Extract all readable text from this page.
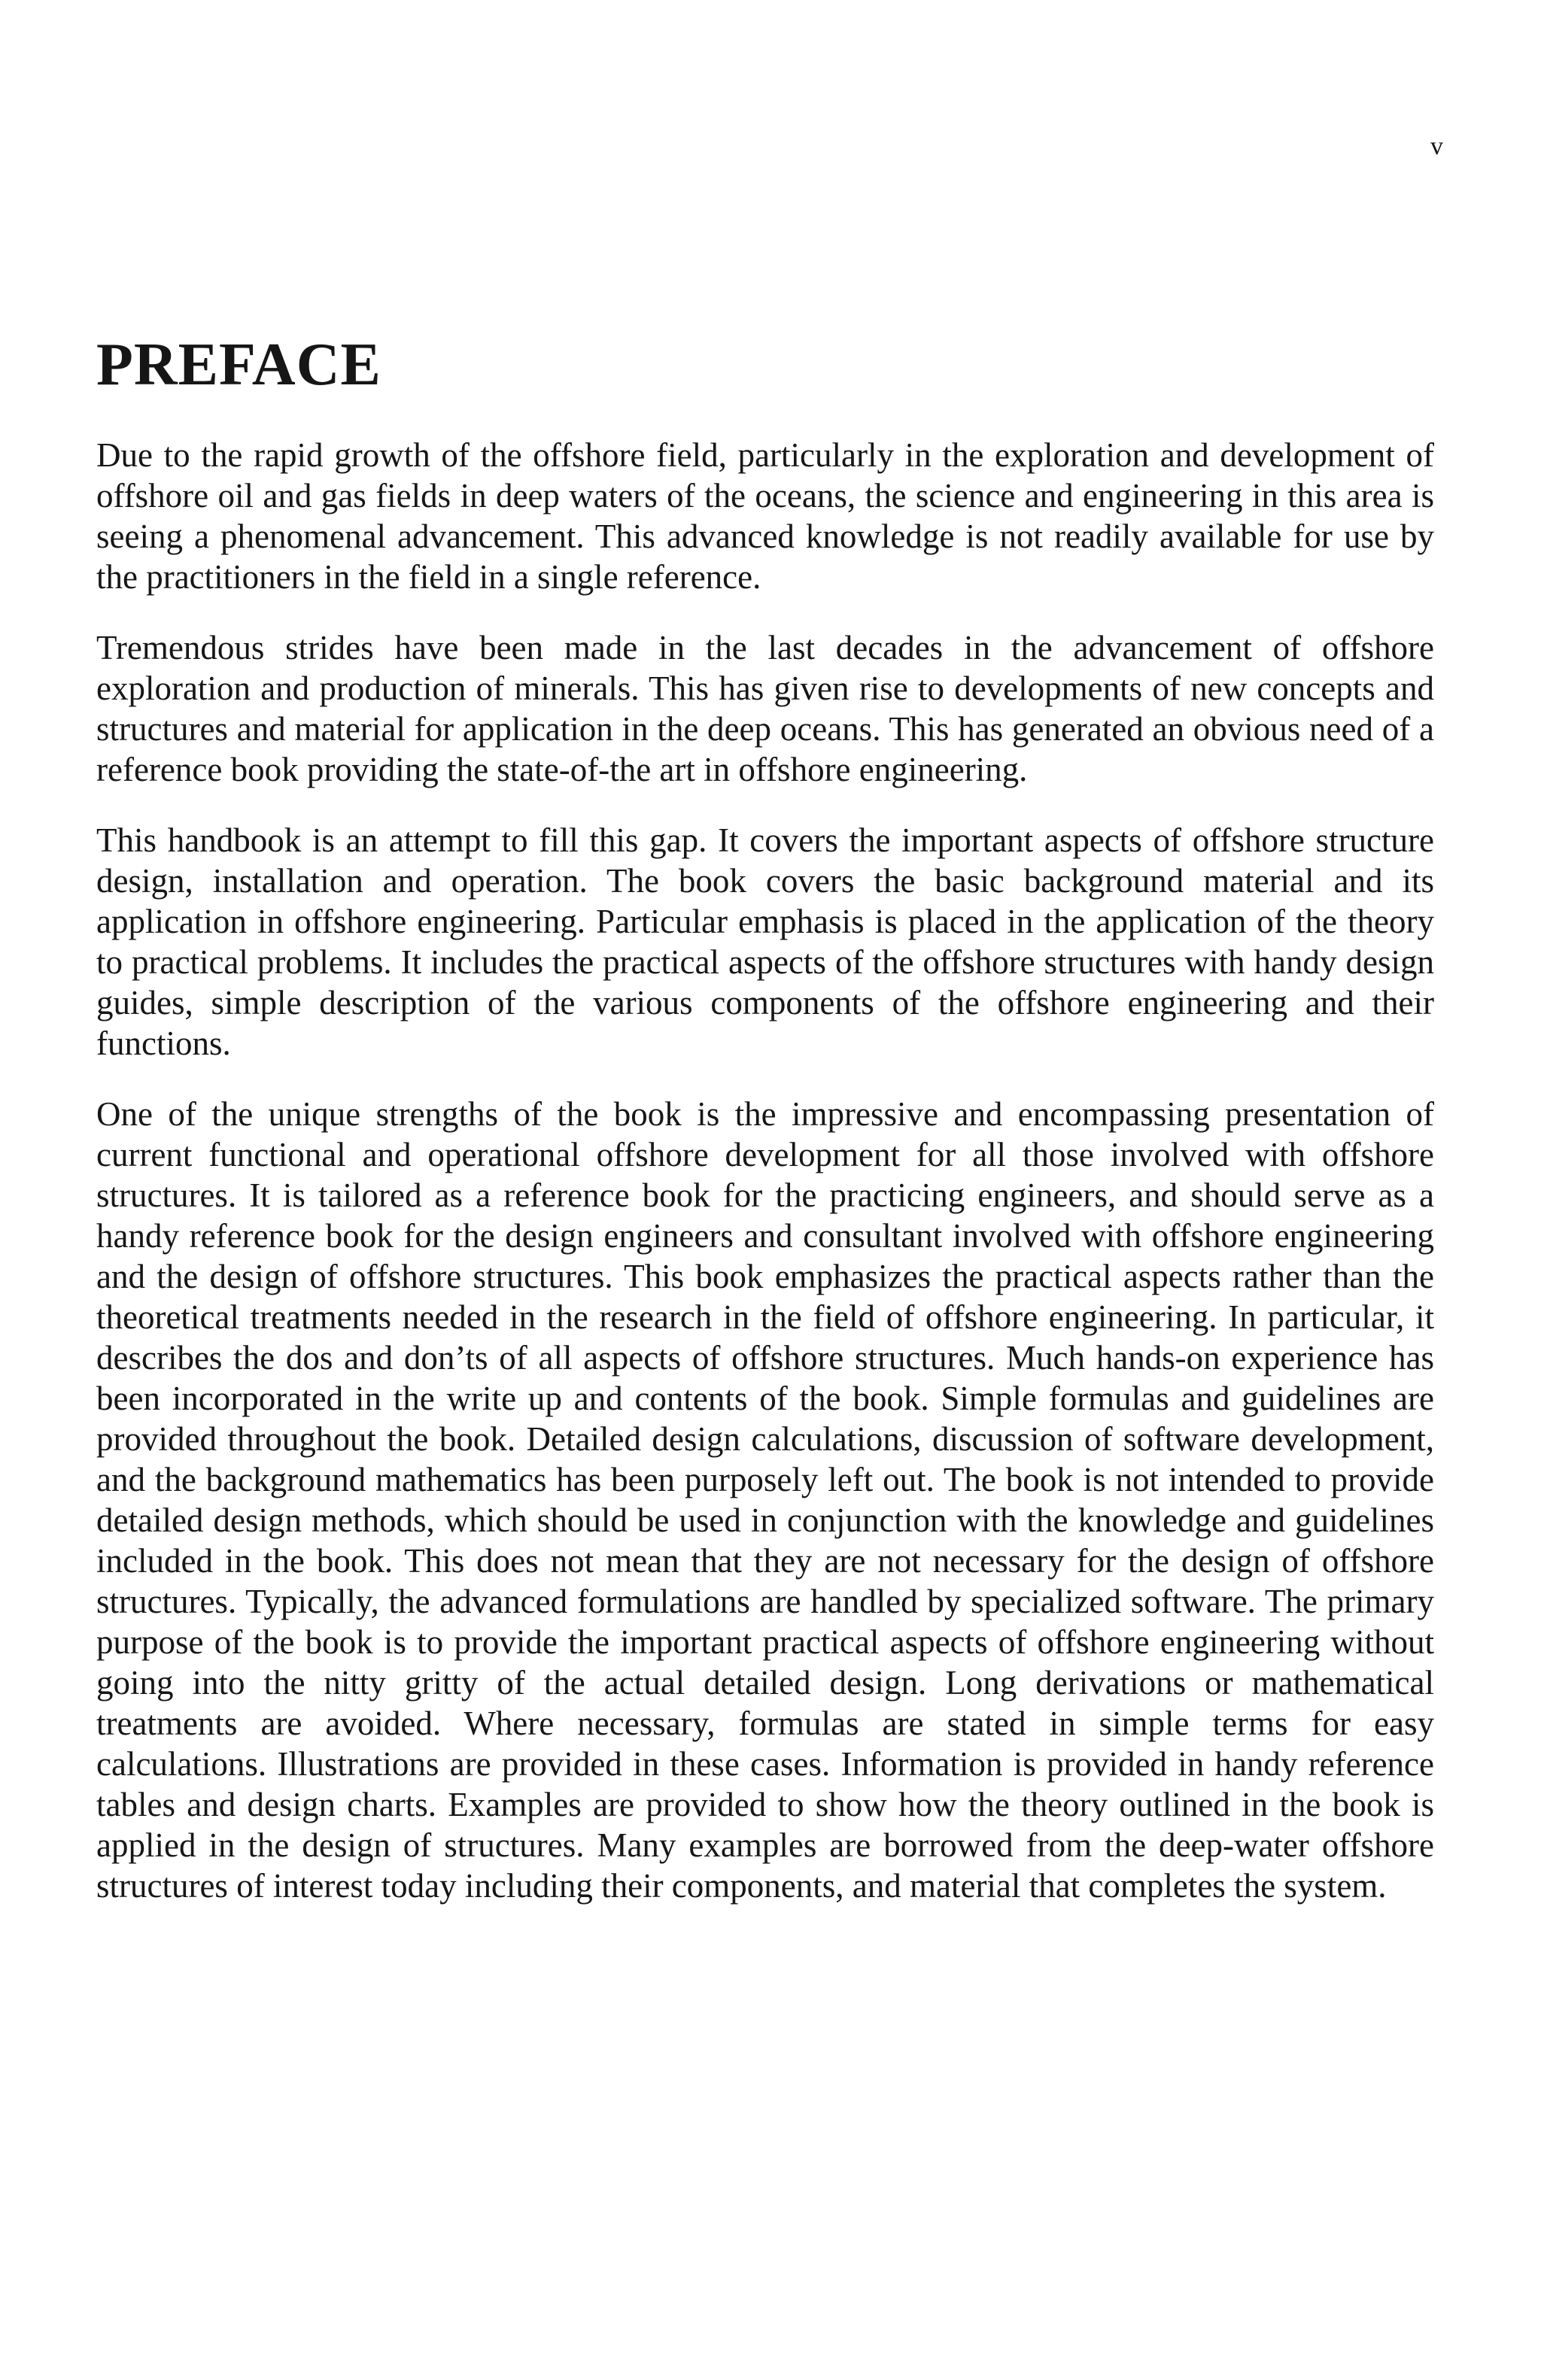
v
PREFACE

Due to the rapid growth of the offshore field, particularly in the exploration and development of offshore oil and gas fields in deep waters of the oceans, the science and engineering in this area is seeing a phenomenal advancement. This advanced knowledge is not readily available for use by the practitioners in the field in a single reference.

Tremendous strides have been made in the last decades in the advancement of offshore exploration and production of minerals. This has given rise to developments of new concepts and structures and material for application in the deep oceans. This has generated an obvious need of a reference book providing the state-of-the art in offshore engineering.

This handbook is an attempt to fill this gap. It covers the important aspects of offshore structure design, installation and operation. The book covers the basic background material and its application in offshore engineering. Particular emphasis is placed in the application of the theory to practical problems. It includes the practical aspects of the offshore structures with handy design guides, simple description of the various components of the offshore engineering and their functions.

One of the unique strengths of the book is the impressive and encompassing presentation of current functional and operational offshore development for all those involved with offshore structures. It is tailored as a reference book for the practicing engineers, and should serve as a handy reference book for the design engineers and consultant involved with offshore engineering and the design of offshore structures. This book emphasizes the practical aspects rather than the theoretical treatments needed in the research in the field of offshore engineering. In particular, it describes the dos and don’ts of all aspects of offshore structures. Much hands-on experience has been incorporated in the write up and contents of the book. Simple formulas and guidelines are provided throughout the book. Detailed design calculations, discussion of software development, and the background mathematics has been purposely left out. The book is not intended to provide detailed design methods, which should be used in conjunction with the knowledge and guidelines included in the book. This does not mean that they are not necessary for the design of offshore structures. Typically, the advanced formulations are handled by specialized software. The primary purpose of the book is to provide the important practical aspects of offshore engineering without going into the nitty gritty of the actual detailed design. Long derivations or mathematical treatments are avoided. Where necessary, formulas are stated in simple terms for easy calculations. Illustrations are provided in these cases. Information is provided in handy reference tables and design charts. Examples are provided to show how the theory outlined in the book is applied in the design of structures. Many examples are borrowed from the deep-water offshore structures of interest today including their components, and material that completes the system.
